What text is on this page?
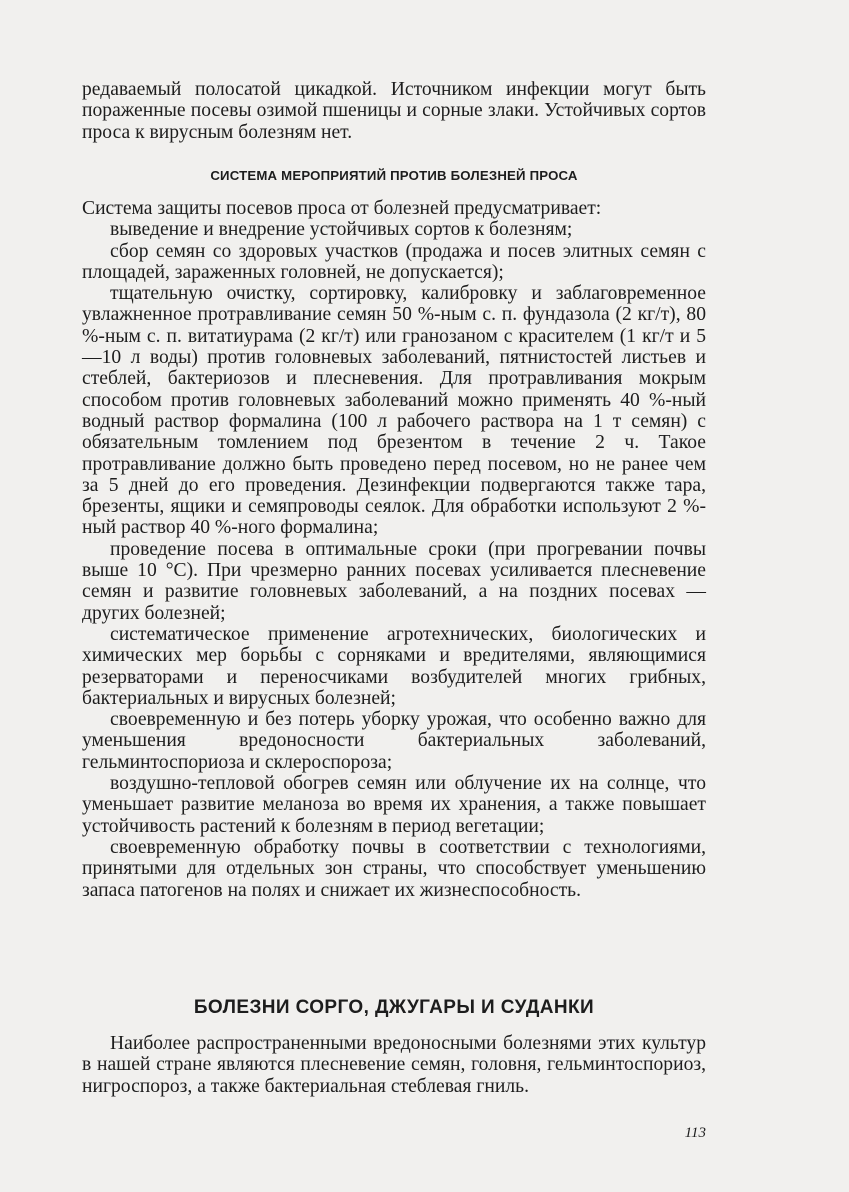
редаваемый полосатой цикадкой. Источником инфекции могут быть пораженные посевы озимой пшеницы и сорные злаки. Устойчивых сортов проса к вирусным болезням нет.

СИСТЕМА МЕРОПРИЯТИЙ ПРОТИВ БОЛЕЗНЕЙ ПРОСА

Система защиты посевов проса от болезней предусматривает:

выведение и внедрение устойчивых сортов к болезням;

сбор семян со здоровых участков (продажа и посев элитных семян с площадей, зараженных головней, не допускается);

тщательную очистку, сортировку, калибровку и заблаговременное увлажненное протравливание семян 50 %-ным с. п. фундазола (2 кг/т), 80 %-ным с. п. витатиурама (2 кг/т) или гранозаном с красителем (1 кг/т и 5—10 л воды) против головневых заболеваний, пятнистостей листьев и стеблей, бактериозов и плесневения. Для протравливания мокрым способом против головневых заболеваний можно применять 40 %-ный водный раствор формалина (100 л рабочего раствора на 1 т семян) с обязательным томлением под брезентом в течение 2 ч. Такое протравливание должно быть проведено перед посевом, но не ранее чем за 5 дней до его проведения. Дезинфекции подвергаются также тара, брезенты, ящики и семяпроводы сеялок. Для обработки используют 2 %-ный раствор 40 %-ного формалина;

проведение посева в оптимальные сроки (при прогревании почвы выше 10 °С). При чрезмерно ранних посевах усиливается плесневение семян и развитие головневых заболеваний, а на поздних посевах — других болезней;

систематическое применение агротехнических, биологических и химических мер борьбы с сорняками и вредителями, являющимися резерваторами и переносчиками возбудителей многих грибных, бактериальных и вирусных болезней;

своевременную и без потерь уборку урожая, что особенно важно для уменьшения вредоносности бактериальных заболеваний, гельминтоспориоза и склероспороза;

воздушно-тепловой обогрев семян или облучение их на солнце, что уменьшает развитие меланоза во время их хранения, а также повышает устойчивость растений к болезням в период вегетации;

своевременную обработку почвы в соответствии с технологиями, принятыми для отдельных зон страны, что способствует уменьшению запаса патогенов на полях и снижает их жизнеспособность.

БОЛЕЗНИ СОРГО, ДЖУГАРЫ И СУДАНКИ

Наиболее распространенными вредоносными болезнями этих культур в нашей стране являются плесневение семян, головня, гельминтоспориоз, нигроспороз, а также бактериальная стеблевая гниль.

113
